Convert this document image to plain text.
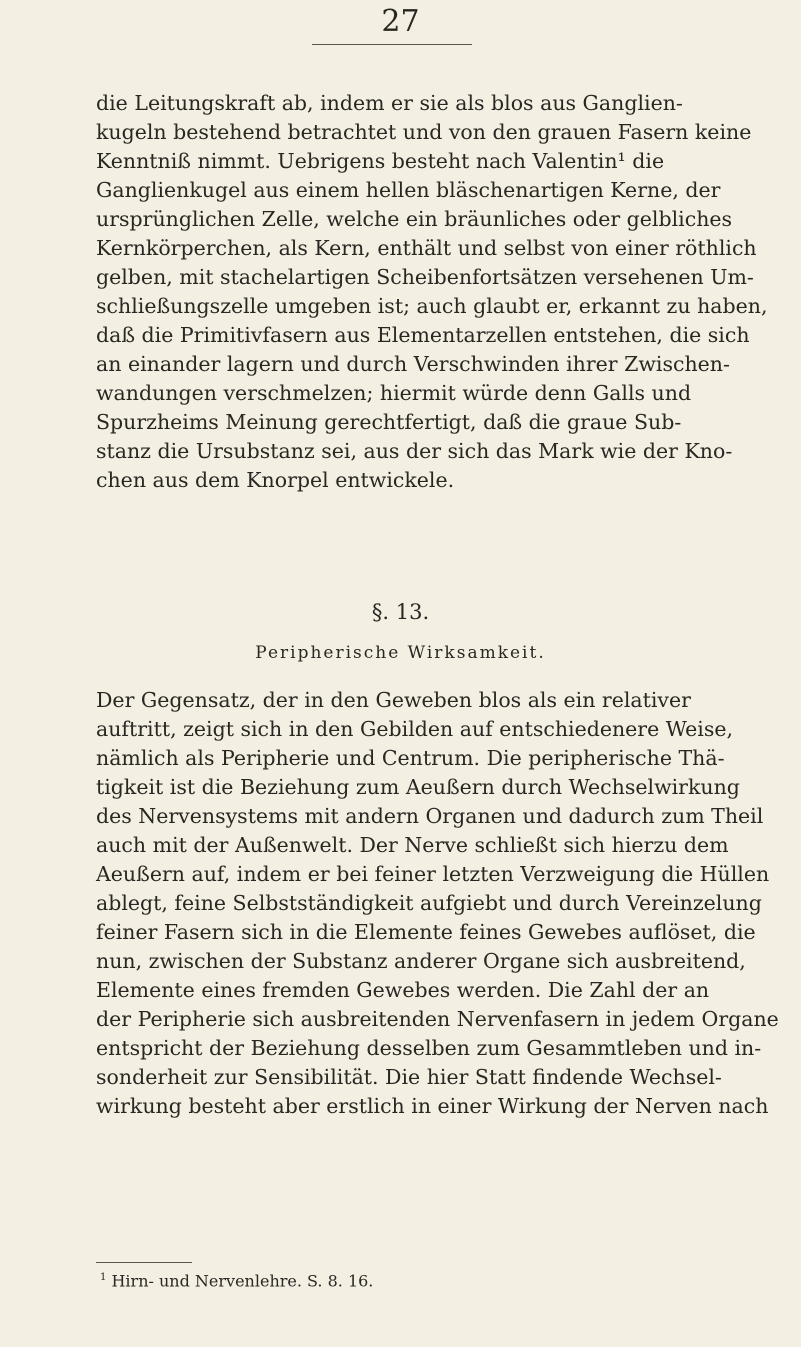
27
die Leitungskraft ab, indem er sie als blos aus Ganglien-
kugeln bestehend betrachtet und von den grauen Fasern keine
Kenntniß nimmt. Uebrigens besteht nach Valentin¹ die
Ganglienkugel aus einem hellen bläschenartigen Kerne, der
ursprünglichen Zelle, welche ein bräunliches oder gelbliches
Kernkörperchen, als Kern, enthält und selbst von einer röthlich
gelben, mit stachelartigen Scheibenfortsätzen versehenen Um-
schließungszelle umgeben ist; auch glaubt er, erkannt zu haben,
daß die Primitivfasern aus Elementarzellen entstehen, die sich
an einander lagern und durch Verschwinden ihrer Zwischen-
wandungen verschmelzen; hiermit würde denn Galls und
Spurzheims Meinung gerechtfertigt, daß die graue Sub-
stanz die Ursubstanz sei, aus der sich das Mark wie der Kno-
chen aus dem Knorpel entwickele.
§. 13.
Peripherische Wirksamkeit.
Der Gegensatz, der in den Geweben blos als ein relativer
auftritt, zeigt sich in den Gebilden auf entschiedenere Weise,
nämlich als Peripherie und Centrum. Die peripherische Thä-
tigkeit ist die Beziehung zum Aeußern durch Wechselwirkung
des Nervensystems mit andern Organen und dadurch zum Theil
auch mit der Außenwelt. Der Nerve schließt sich hierzu dem
Aeußern auf, indem er bei feiner letzten Verzweigung die Hüllen
ablegt, feine Selbstständigkeit aufgiebt und durch Vereinzelung
feiner Fasern sich in die Elemente feines Gewebes auflöset, die
nun, zwischen der Substanz anderer Organe sich ausbreitend,
Elemente eines fremden Gewebes werden. Die Zahl der an
der Peripherie sich ausbreitenden Nervenfasern in jedem Organe
entspricht der Beziehung desselben zum Gesammtleben und in-
sonderheit zur Sensibilität. Die hier Statt findende Wechsel-
wirkung besteht aber erstlich in einer Wirkung der Nerven nach
$^1$ Hirn- und Nervenlehre. S. 8. 16.
